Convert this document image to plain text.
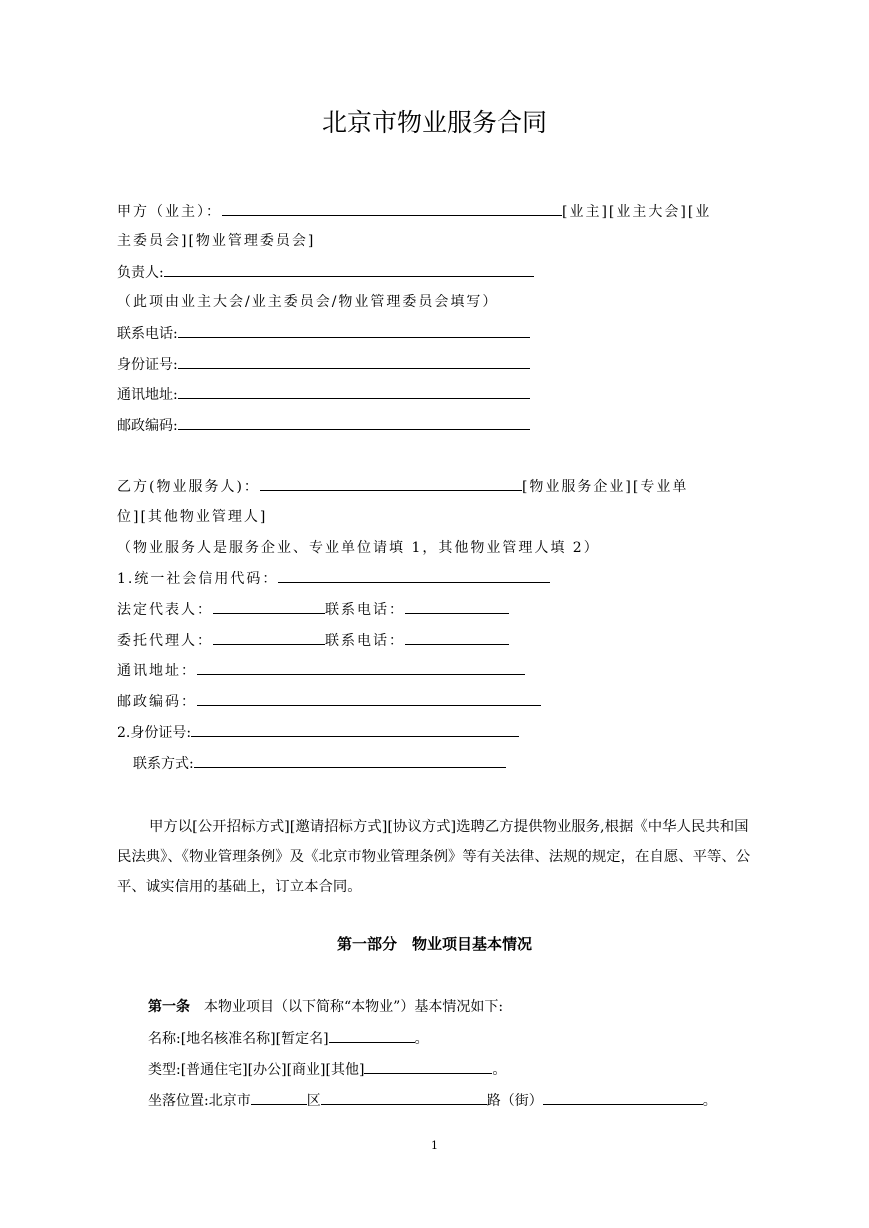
北京市物业服务合同
甲方（业主）：	[业主][业主大会][业
主委员会][物业管理委员会]
负责人:
（此项由业主大会/业主委员会/物业管理委员会填写）
联系电话:
身份证号:
通讯地址:
邮政编码:
乙方(物业服务人)：	[物业服务企业][专业单
位][其他物业管理人]
（物业服务人是服务企业、专业单位请填 1，其他物业管理人填 2）
1.统一社会信用代码：
法定代表人：	联系电话：
委托代理人：	联系电话：
通讯地址：
邮政编码：
2.身份证号:
联系方式:

甲方以[公开招标方式][邀请招标方式][协议方式]选聘乙方提供物业服务,根据《中华人民共和国民法典》、《物业管理条例》及《北京市物业管理条例》等有关法律、法规的规定，在自愿、平等、公平、诚实信用的基础上，订立本合同。

第一部分　物业项目基本情况
第一条 本物业项目（以下简称“本物业”）基本情况如下:
名称:[地名核准名称][暂定名]	。
类型:[普通住宅][办公][商业][其他]	。
坐落位置:北京市	区	路（街）	。
1
